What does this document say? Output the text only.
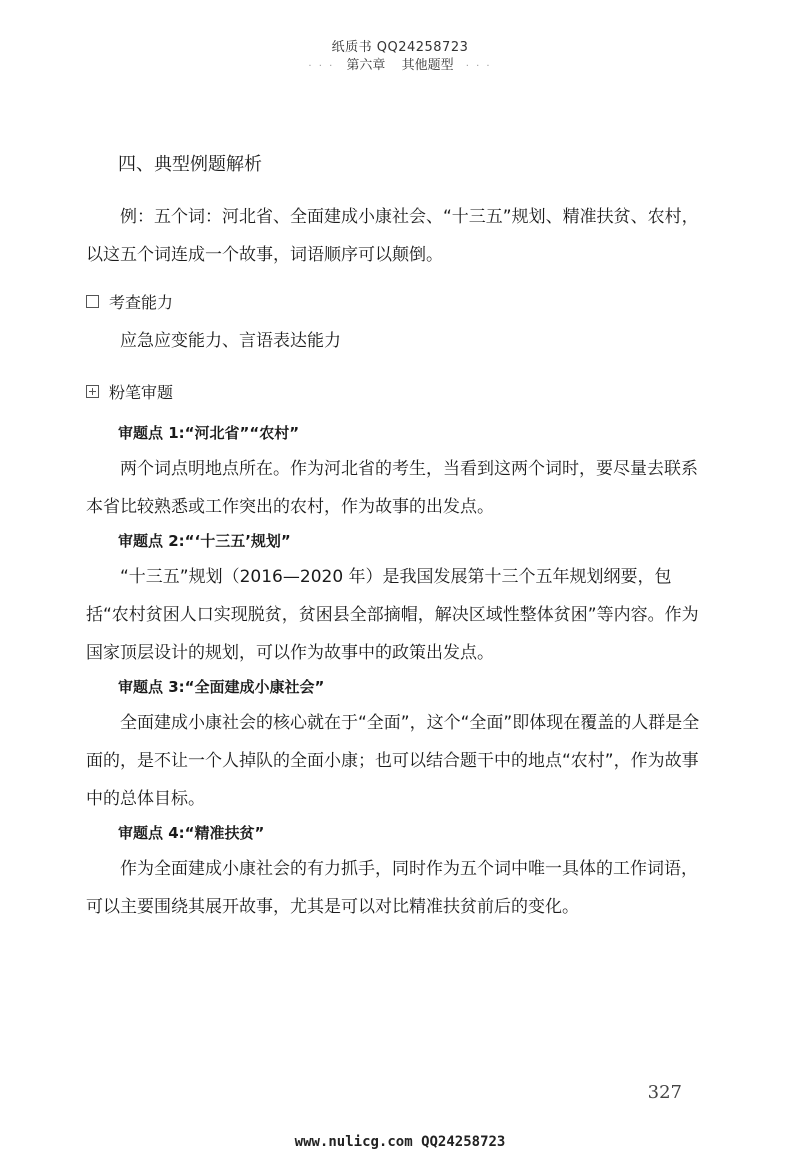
纸质书 QQ24258723
· · · 第六章 其他题型 · · ·
四、典型例题解析

例：五个词：河北省、全面建成小康社会、“十三五”规划、精准扶贫、农村，以这五个词连成一个故事，词语顺序可以颠倒。

考查能力

应急应变能力、言语表达能力

粉笔审题
审题点 1:“河北省”“农村”

两个词点明地点所在。作为河北省的考生，当看到这两个词时，要尽量去联系本省比较熟悉或工作突出的农村，作为故事的出发点。

审题点 2:“‘十三五’规划”

“十三五”规划（2016—2020 年）是我国发展第十三个五年规划纲要，包括“农村贫困人口实现脱贫，贫困县全部摘帽，解决区域性整体贫困”等内容。作为国家顶层设计的规划，可以作为故事中的政策出发点。

审题点 3:“全面建成小康社会”

全面建成小康社会的核心就在于“全面”，这个“全面”即体现在覆盖的人群是全面的，是不让一个人掉队的全面小康；也可以结合题干中的地点“农村”，作为故事中的总体目标。

审题点 4:“精准扶贫”

作为全面建成小康社会的有力抓手，同时作为五个词中唯一具体的工作词语，可以主要围绕其展开故事，尤其是可以对比精准扶贫前后的变化。

327
www.nulicg.com QQ24258723
